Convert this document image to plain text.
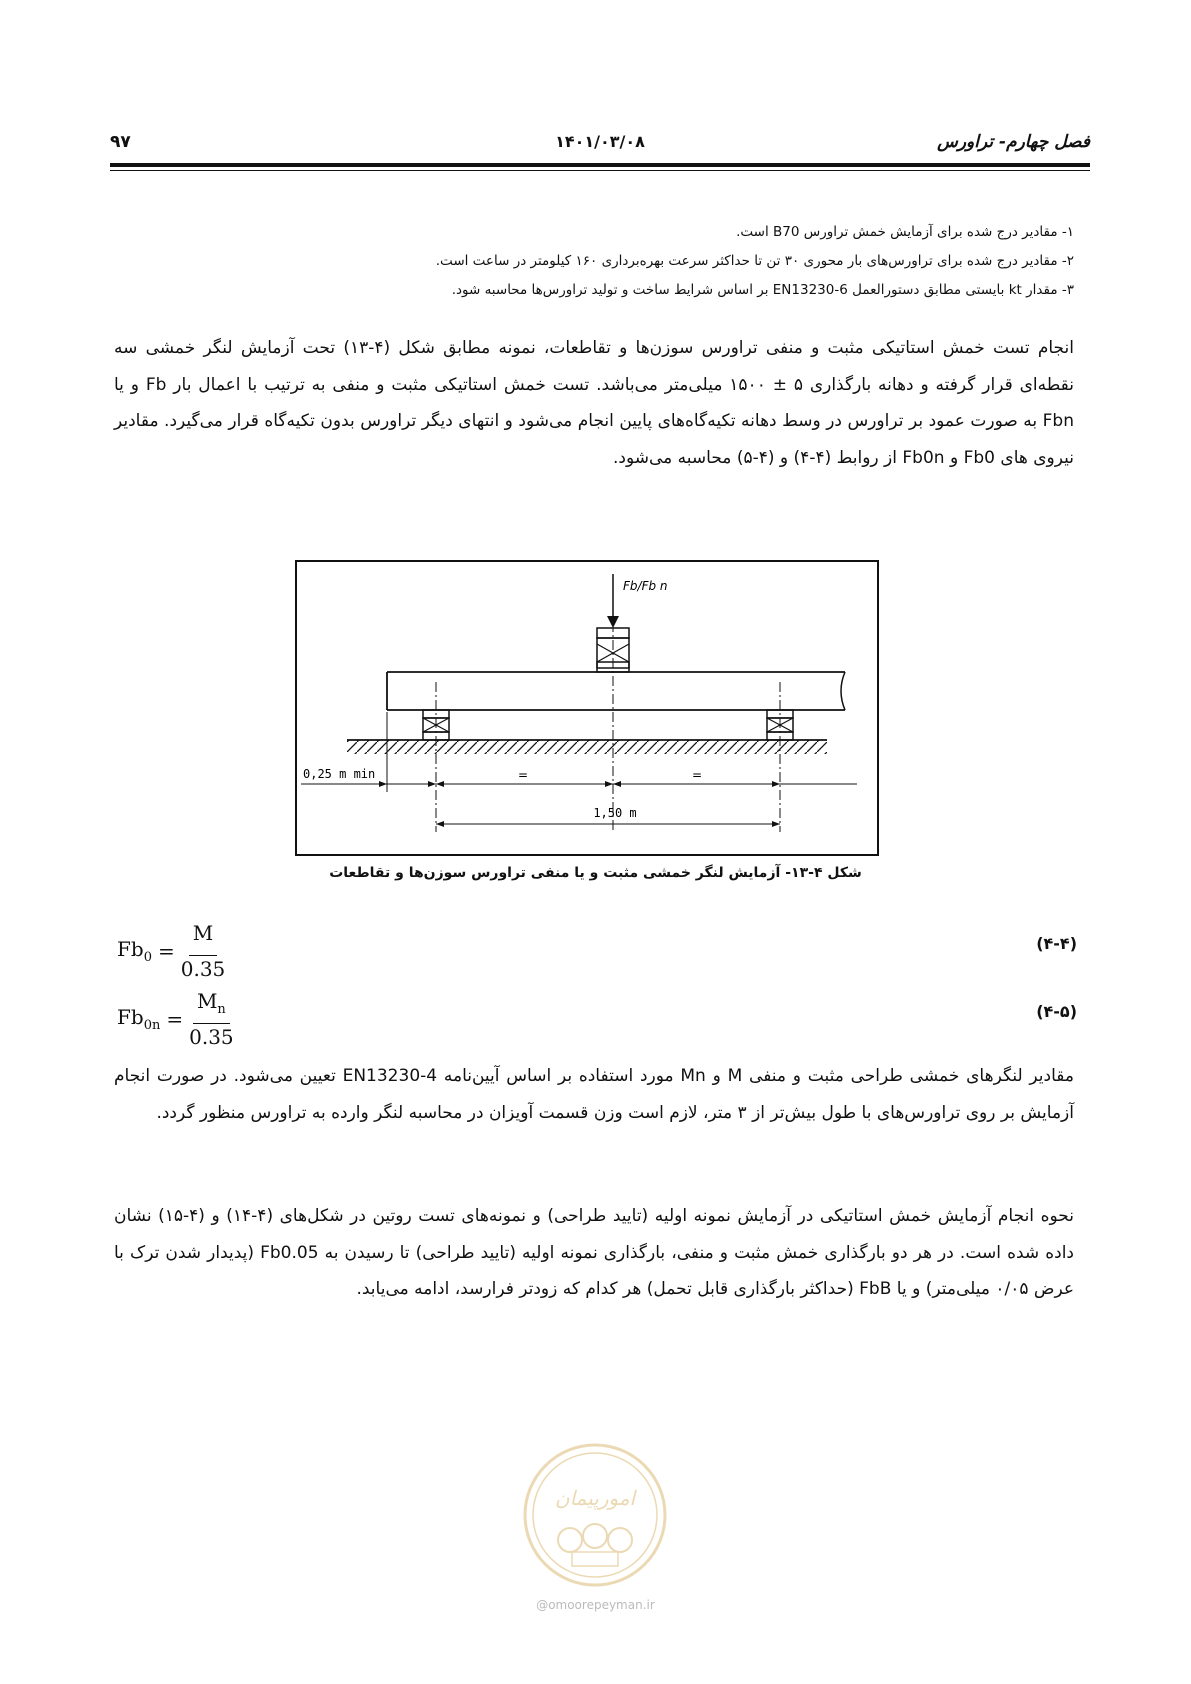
فصل چهارم- تراورس
۱۴۰۱/۰۳/۰۸
۹۷
۱- مقادیر درج شده برای آزمایش خمش تراورس B70 است.
۲- مقادیر درج شده برای تراورس‌های بار محوری ۳۰ تن تا حداکثر سرعت بهره‌برداری ۱۶۰ کیلومتر در ساعت است.
۳- مقدار kt بایستی مطابق دستورالعمل EN13230-6 بر اساس شرایط ساخت و تولید تراورس‌ها محاسبه شود.

انجام تست خمش استاتیکی مثبت و منفی تراورس سوزن‌ها و تقاطعات، نمونه مطابق شکل (۴-۱۳) تحت آزمایش لنگر خمشی سه نقطه‌ای قرار گرفته و دهانه بارگذاری ۵ ± ۱۵۰۰ میلی‌متر می‌باشد. تست خمش استاتیکی مثبت و منفی به ترتیب با اعمال بار Fb و یا Fbn به صورت عمود بر تراورس در وسط دهانه تکیه‌گاه‌های پایین انجام می‌شود و انتهای دیگر تراورس بدون تکیه‌گاه قرار می‌گیرد. مقادیر نیروی های Fb0 و Fb0n از روابط (۴-۴) و (۴-۵) محاسبه می‌شود.

Fb/Fb n
0,25 m min	=	=
1,50 m
شکل ۴-۱۳- آزمایش لنگر خمشی مثبت و یا منفی تراورس سوزن‌ها و تقاطعات
$Fb_0 = \frac{M}{0.35}$	(۴-۴)
$Fb_{0n} = \frac{M_n}{0.35}$	(۴-۵)

مقادیر لنگرهای خمشی طراحی مثبت و منفی M و Mn مورد استفاده بر اساس آیین‌نامه EN13230-4 تعیین می‌شود. در صورت انجام آزمایش بر روی تراورس‌های با طول بیش‌تر از ۳ متر، لازم است وزن قسمت آویزان در محاسبه لنگر وارده به تراورس منظور گردد.

نحوه انجام آزمایش خمش استاتیکی در آزمایش نمونه اولیه (تایید طراحی) و نمونه‌های تست روتین در شکل‌های (۴-۱۴) و (۴-۱۵) نشان داده شده است. در هر دو بارگذاری خمش مثبت و منفی، بارگذاری نمونه اولیه (تایید طراحی) تا رسیدن به Fb0.05 (پدیدار شدن ترک با عرض ۰/۰۵ میلی‌متر) و یا FbB (حداکثر بارگذاری قابل تحمل) هر کدام که زودتر فرارسد، ادامه می‌یابد.

امورپیمان
@omoorepeyman.ir
